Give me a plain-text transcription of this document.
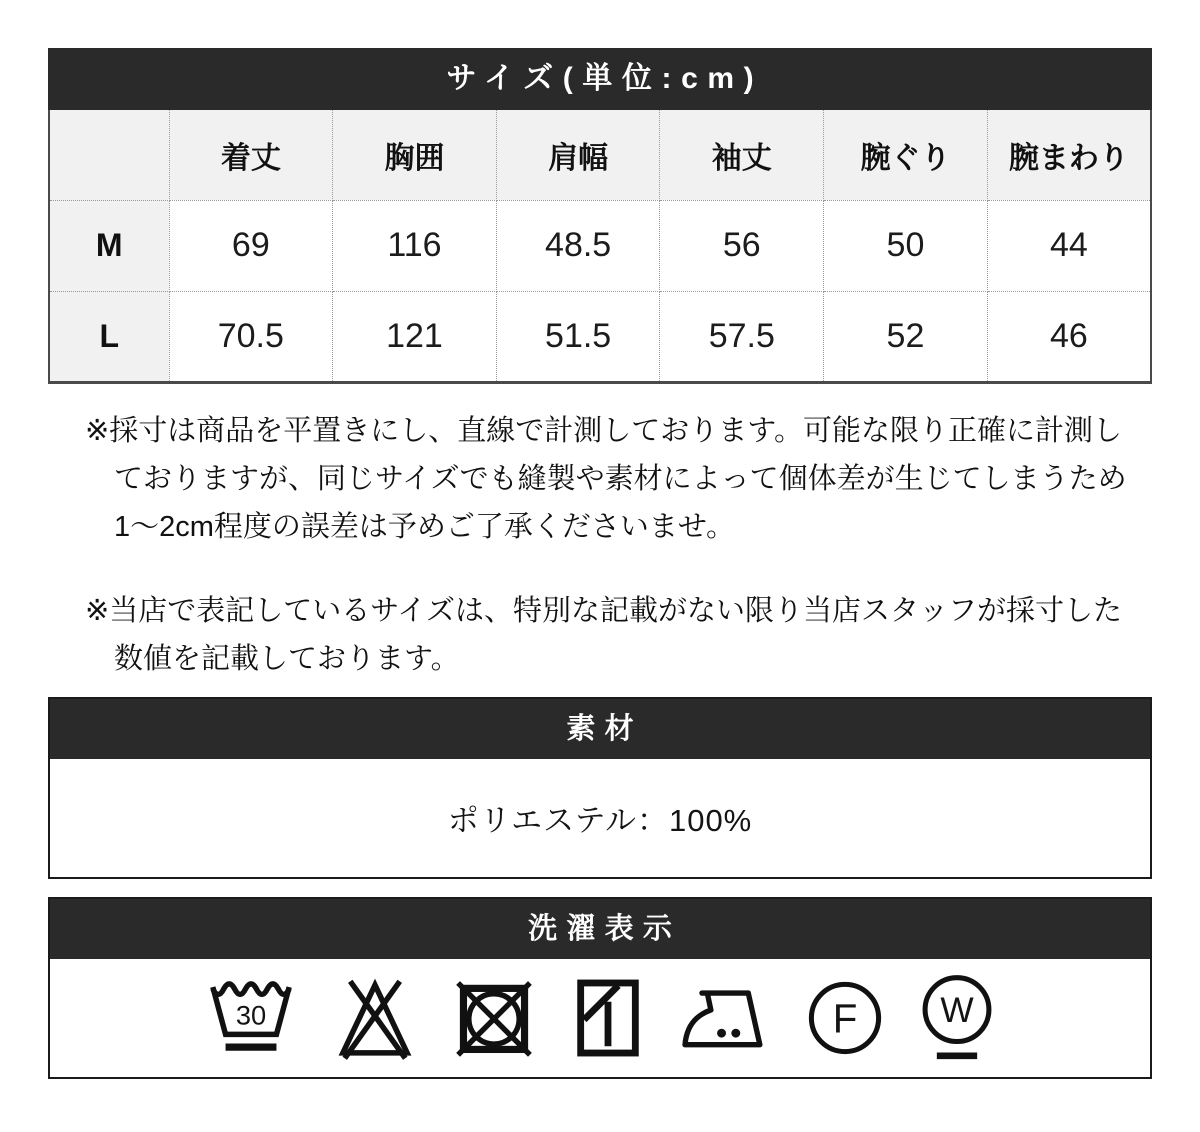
サイズ(単位:cm)
	着丈	胸囲	肩幅	袖丈	腕ぐり	腕まわり
M	69	116	48.5	56	50	44
L	70.5	121	51.5	57.5	52	46

※採寸は商品を平置きにし、直線で計測しております。可能な限り正確に計測し
ておりますが、同じサイズでも縫製や素材によって個体差が生じてしまうため
1〜2cm程度の誤差は予めご了承くださいませ。

※当店で表記しているサイズは、特別な記載がない限り当店スタッフが採寸した
数値を記載しております。

素材
ポリエステル：100%
洗濯表示
30	F W
